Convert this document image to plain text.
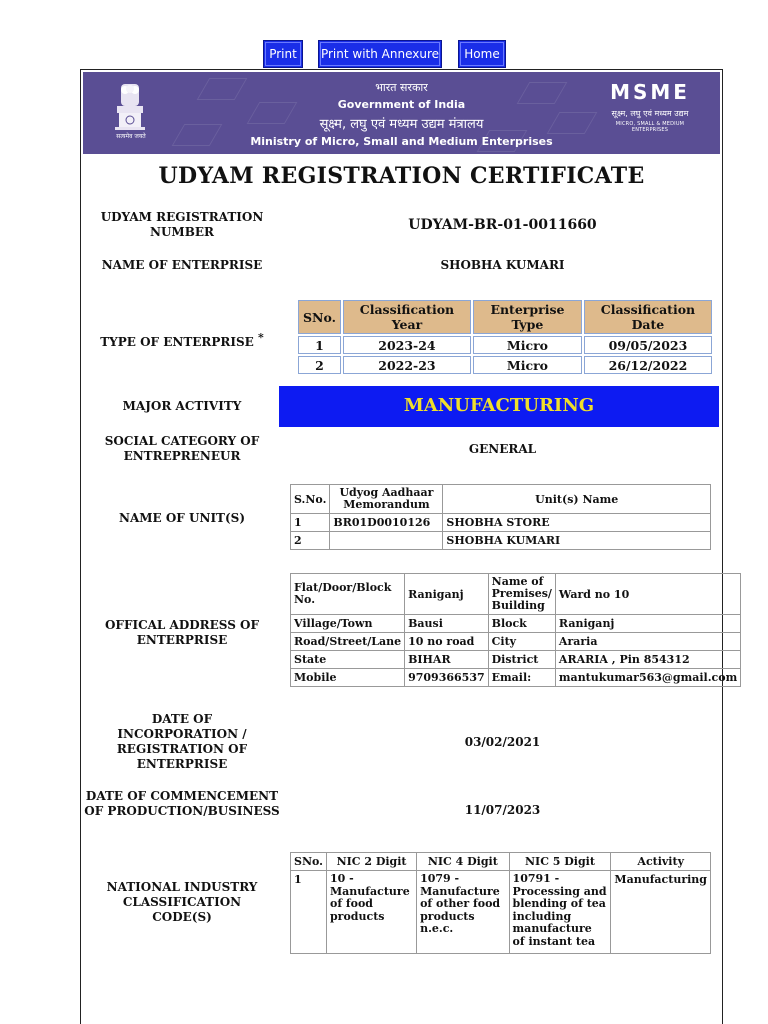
Print	Print with Annexure	Home
सत्यमेव जयते
भारत सरकार
Government of India
सूक्ष्म, लघु एवं मध्यम उद्यम मंत्रालय
Ministry of Micro, Small and Medium Enterprises
MSME
सूक्ष्म, लघु एवं मध्यम उद्यम
MICRO, SMALL & MEDIUM ENTERPRISES
UDYAM REGISTRATION CERTIFICATE
UDYAM REGISTRATION NUMBER	UDYAM-BR-01-0011660
NAME OF ENTERPRISE	SHOBHA KUMARI
TYPE OF ENTERPRISE *
SNo.	Classification Year	Enterprise Type	Classification Date
1	2023-24	Micro	09/05/2023
2	2022-23	Micro	26/12/2022
MAJOR ACTIVITY	MANUFACTURING
SOCIAL CATEGORY OF ENTREPRENEUR	GENERAL
NAME OF UNIT(S)
S.No.	Udyog Aadhaar Memorandum	Unit(s) Name
1	BR01D0010126	SHOBHA STORE
2		SHOBHA KUMARI
OFFICAL ADDRESS OF ENTERPRISE
Flat/Door/Block No.	Raniganj	Name of Premises/ Building	Ward no 10
Village/Town	Bausi	Block	Raniganj
Road/Street/Lane	10 no road	City	Araria
State	BIHAR	District	ARARIA , Pin 854312
Mobile	9709366537	Email:	mantukumar563@gmail.com
DATE OF INCORPORATION / REGISTRATION OF ENTERPRISE
03/02/2021
DATE OF COMMENCEMENT OF PRODUCTION/BUSINESS	11/07/2023
NATIONAL INDUSTRY CLASSIFICATION CODE(S)
SNo.	NIC 2 Digit	NIC 4 Digit	NIC 5 Digit	Activity
1	10 - Manufacture of food products	1079 - Manufacture of other food products n.e.c.	10791 - Processing and blending of tea including manufacture of instant tea	Manufacturing
